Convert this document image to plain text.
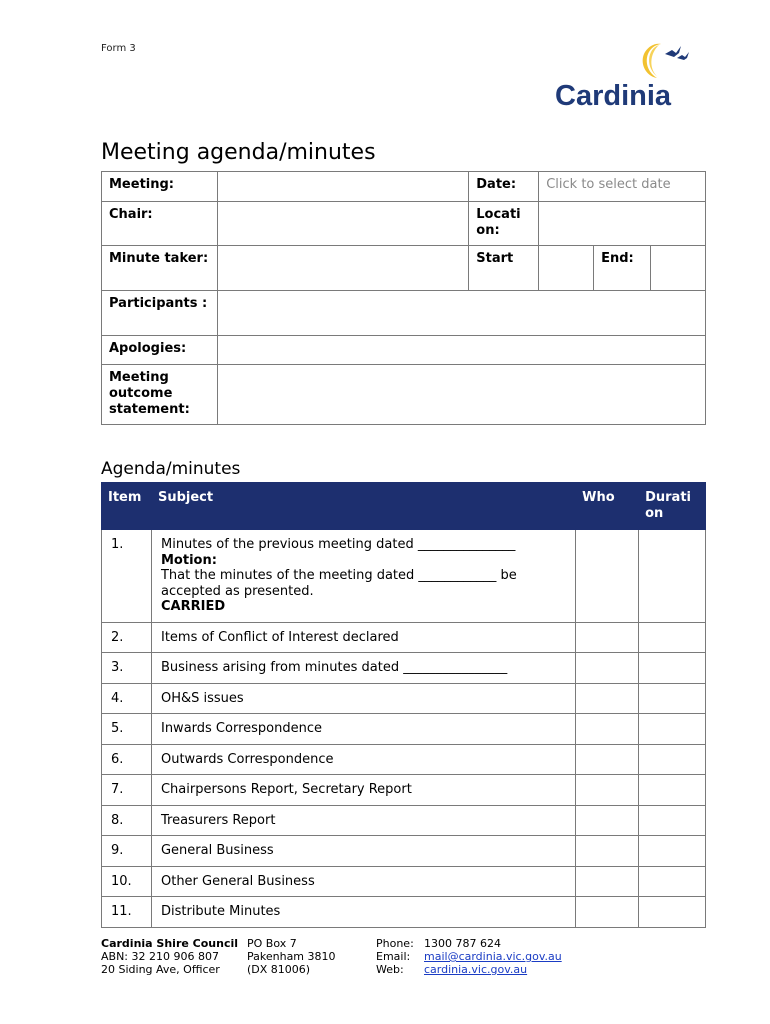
Form 3
Cardinia
Meeting agenda/minutes
Meeting:		Date:	Click to select date		
Chair:		Locati on:			
Minute taker:		Start		End:	
Participants :					
Apologies:					
Meeting outcome statement:					
Agenda/minutes
Item	Subject	Who	Durati on
1.	Minutes of the previous meeting dated _______________
Motion:
That the minutes of the meeting dated ____________ be accepted as presented.
CARRIED		

2.	Items of Conflict of Interest declared		
3.	Business arising from minutes dated ________________		
4.	OH&S issues		
5.	Inwards Correspondence		
6.	Outwards Correspondence		
7.	Chairpersons Report, Secretary Report		
8.	Treasurers Report		
9.	General Business		
10.	Other General Business		
11.	Distribute Minutes		
Cardinia Shire Council
ABN: 32 210 906 807
20 Siding Ave, Officer
PO Box 7
Pakenham 3810
(DX 81006)
Phone:
Email:
Web:
1300 787 624
mail@cardinia.vic.gov.au
cardinia.vic.gov.au
